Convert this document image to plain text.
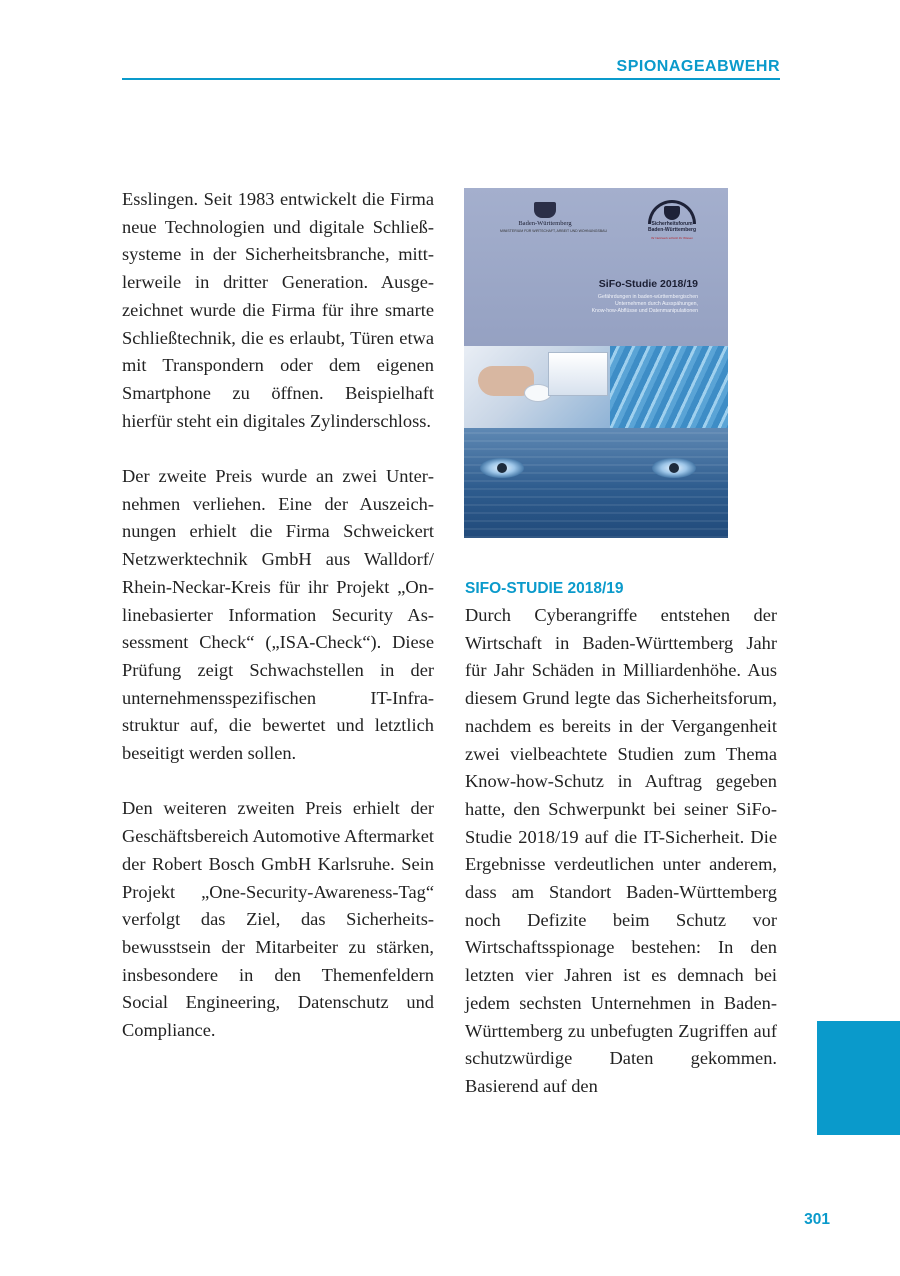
SPIONAGEABWEHR

Esslingen. Seit 1983 entwickelt die Firma neue Technologien und digitale Schließsysteme in der Sicherheitsbranche, mittlerweile in dritter Generation. Ausgezeichnet wurde die Firma für ihre smarte Schließtechnik, die es erlaubt, Türen etwa mit Transpondern oder dem eigenen Smartphone zu öffnen. Beispielhaft hierfür steht ein digitales Zylinderschloss.

Der zweite Preis wurde an zwei Unternehmen verliehen. Eine der Auszeichnungen erhielt die Firma Schweickert Netzwerktechnik GmbH aus Walldorf/ Rhein-Neckar-Kreis für ihr Projekt „Onlinebasierter Information Security Assessment Check“ („ISA-Check“). Diese Prüfung zeigt Schwachstellen in der unternehmensspezifischen IT-Infrastruktur auf, die bewertet und letztlich beseitigt werden sollen.

Den weiteren zweiten Preis erhielt der Geschäftsbereich Automotive Aftermarket der Robert Bosch GmbH Karlsruhe. Sein Projekt „One-Security-Awareness-Tag“ verfolgt das Ziel, das Sicherheitsbewusstsein der Mitarbeiter zu stärken, insbesondere in den Themenfeldern Social Engineering, Datenschutz und Compliance.

Baden-Württemberg
MINISTERIUM FÜR WIRTSCHAFT, ARBEIT UND WOHNUNGSBAU
Sicherheitsforum
Baden-Württemberg
Ihr Netzwerk schützt ihr Wissen
SiFo-Studie 2018/19
Gefährdungen in baden-württembergischen
Unternehmen durch Ausspähungen,
Know-how-Abflüsse und Datenmanipulationen
SIFO-STUDIE 2018/19

Durch Cyberangriffe entstehen der Wirtschaft in Baden-Württemberg Jahr für Jahr Schäden in Milliardenhöhe. Aus diesem Grund legte das Sicherheitsforum, nachdem es bereits in der Vergangenheit zwei vielbeachtete Studien zum Thema Know-how-Schutz in Auftrag gegeben hatte, den Schwerpunkt bei seiner SiFo-Studie 2018/19 auf die IT-Sicherheit. Die Ergebnisse verdeutlichen unter anderem, dass am Standort Baden-Württemberg noch Defizite beim Schutz vor Wirtschaftsspionage bestehen: In den letzten vier Jahren ist es demnach bei jedem sechsten Unternehmen in Baden-Württemberg zu unbefugten Zugriffen auf schutzwürdige Daten gekommen. Basierend auf den

301
